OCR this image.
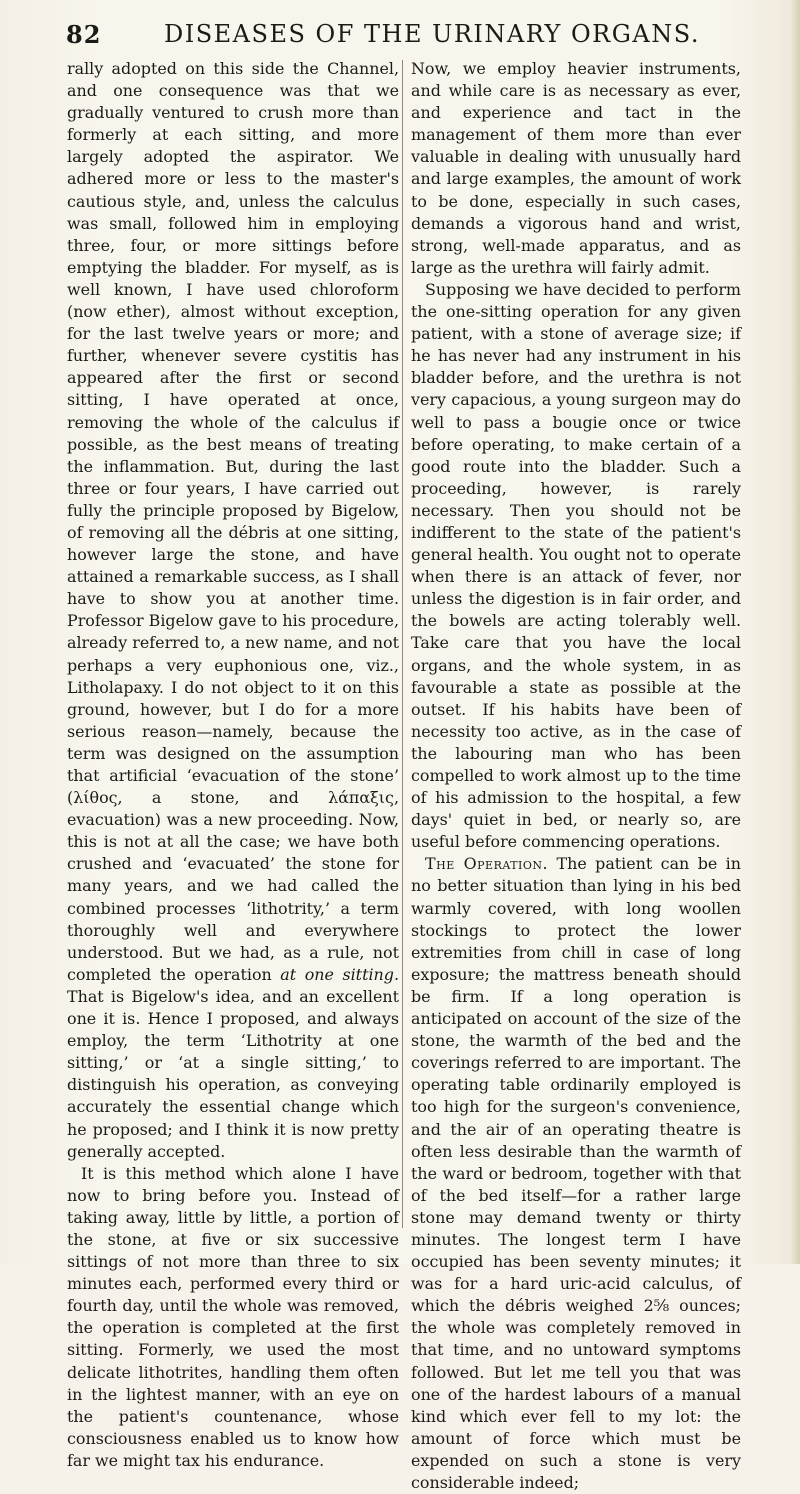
82	DISEASES OF THE URINARY ORGANS.

rally adopted on this side the Channel, and one consequence was that we gradually ventured to crush more than formerly at each sitting, and more largely adopted the aspirator. We adhered more or less to the master's cautious style, and, unless the calculus was small, followed him in employing three, four, or more sittings before emptying the bladder. For myself, as is well known, I have used chloroform (now ether), almost without exception, for the last twelve years or more; and further, whenever severe cystitis has appeared after the first or second sitting, I have operated at once, removing the whole of the calculus if possible, as the best means of treating the inflammation. But, during the last three or four years, I have carried out fully the principle proposed by Bigelow, of removing all the débris at one sitting, however large the stone, and have attained a remarkable success, as I shall have to show you at another time. Professor Bigelow gave to his procedure, already referred to, a new name, and not perhaps a very euphonious one, viz., Litholapaxy. I do not object to it on this ground, however, but I do for a more serious reason—namely, because the term was designed on the assumption that artificial ‘evacuation of the stone’ (λίθος, a stone, and λάπαξις, evacuation) was a new proceeding. Now, this is not at all the case; we have both crushed and ‘evacuated’ the stone for many years, and we had called the combined processes ‘lithotrity,’ a term thoroughly well and everywhere understood. But we had, as a rule, not completed the operation at one sitting. That is Bigelow's idea, and an excellent one it is. Hence I proposed, and always employ, the term ‘Lithotrity at one sitting,’ or ‘at a single sitting,’ to distinguish his operation, as conveying accurately the essential change which he proposed; and I think it is now pretty generally accepted.

It is this method which alone I have now to bring before you. Instead of taking away, little by little, a portion of the stone, at five or six successive sittings of not more than three to six minutes each, performed every third or fourth day, until the whole was removed, the operation is completed at the first sitting. Formerly, we used the most delicate lithotrites, handling them often in the lightest manner, with an eye on the patient's countenance, whose consciousness enabled us to know how far we might tax his endurance.

Now, we employ heavier instruments, and while care is as necessary as ever, and experience and tact in the management of them more than ever valuable in dealing with unusually hard and large examples, the amount of work to be done, especially in such cases, demands a vigorous hand and wrist, strong, well-made apparatus, and as large as the urethra will fairly admit.

Supposing we have decided to perform the one-sitting operation for any given patient, with a stone of average size; if he has never had any instrument in his bladder before, and the urethra is not very capacious, a young surgeon may do well to pass a bougie once or twice before operating, to make certain of a good route into the bladder. Such a proceeding, however, is rarely necessary. Then you should not be indifferent to the state of the patient's general health. You ought not to operate when there is an attack of fever, nor unless the digestion is in fair order, and the bowels are acting tolerably well. Take care that you have the local organs, and the whole system, in as favourable a state as possible at the outset. If his habits have been of necessity too active, as in the case of the labouring man who has been compelled to work almost up to the time of his admission to the hospital, a few days' quiet in bed, or nearly so, are useful before commencing operations.

The Operation. The patient can be in no better situation than lying in his bed warmly covered, with long woollen stockings to protect the lower extremities from chill in case of long exposure; the mattress beneath should be firm. If a long operation is anticipated on account of the size of the stone, the warmth of the bed and the coverings referred to are important. The operating table ordinarily employed is too high for the surgeon's convenience, and the air of an operating theatre is often less desirable than the warmth of the ward or bedroom, together with that of the bed itself—for a rather large stone may demand twenty or thirty minutes. The longest term I have occupied has been seventy minutes; it was for a hard uric-acid calculus, of which the débris weighed 2⅝ ounces; the whole was completely removed in that time, and no untoward symptoms followed. But let me tell you that was one of the hardest labours of a manual kind which ever fell to my lot: the amount of force which must be expended on such a stone is very considerable indeed;
